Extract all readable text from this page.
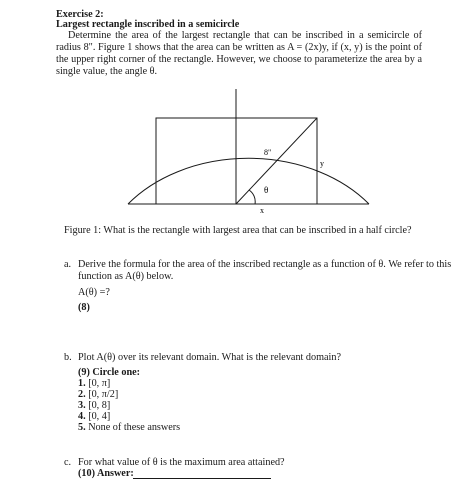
Exercise 2:
Largest rectangle inscribed in a semicircle
Determine the area of the largest rectangle that can be inscribed in a semicircle of radius 8". Figure 1 shows that the area can be written as A = (2x)y, if (x, y) is the point of the upper right corner of the rectangle. However, we choose to parameterize the area by a single value, the angle θ.
8"
y
x
θ
Figure 1: What is the rectangle with largest area that can be inscribed in a half circle?
a. Derive the formula for the area of the inscribed rectangle as a function of θ. We refer to this
function as A(θ) below.
A(θ) =?
(8)
b. Plot A(θ) over its relevant domain. What is the relevant domain?
(9) Circle one:
1. [0, π]
2. [0, π/2]
3. [0, 8]
4. [0, 4]
5. None of these answers
c. For what value of θ is the maximum area attained?
(10) Answer:
